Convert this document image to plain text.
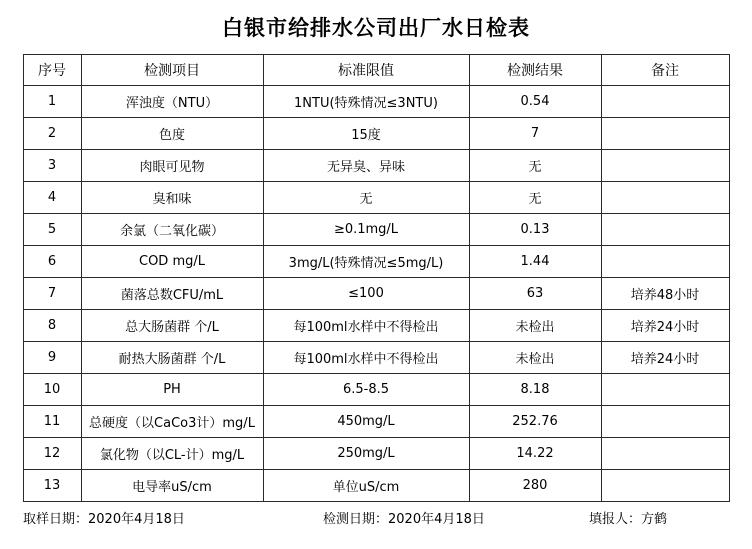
白银市给排水公司出厂水日检表
序号	检测项目	标准限值	检测结果	备注
1	浑浊度（NTU）	1NTU(特殊情况≤3NTU)	0.54	
2	色度	15度	7	
3	肉眼可见物	无异臭、异味	无	
4	臭和味	无	无	
5	余氯（二氧化碳）	≥0.1mg/L	0.13	
6	COD mg/L	3mg/L(特殊情况≤5mg/L)	1.44	
7	菌落总数CFU/mL	≤100	63	培养48小时
8	总大肠菌群 个/L	每100ml水样中不得检出	未检出	培养24小时
9	耐热大肠菌群 个/L	每100ml水样中不得检出	未检出	培养24小时
10	PH	6.5-8.5	8.18	
11	总硬度（以CaCo3计）mg/L	450mg/L	252.76	
12	氯化物（以CL-计）mg/L	250mg/L	14.22	
13	电导率uS/cm	单位uS/cm	280	
取样日期：2020年4月18日	检测日期：2020年4月18日	填报人：方鹤
